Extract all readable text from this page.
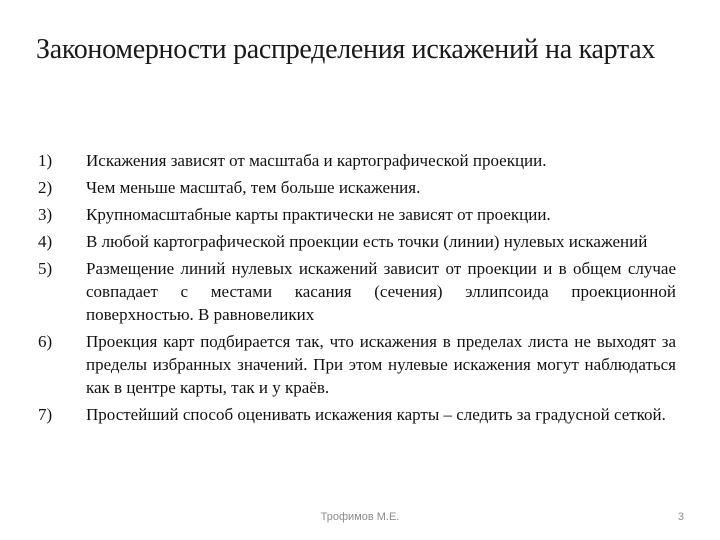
Закономерности распределения искажений на картах
1)	Искажения зависят от масштаба и картографической проекции.
2)	Чем меньше масштаб, тем больше искажения.
3)	Крупномасштабные карты практически не зависят от проекции.
4)	В любой картографической проекции есть точки (линии) нулевых искажений
5)	Размещение линий нулевых искажений зависит от проекции и в общем случае совпадает с местами касания (сечения) эллипсоида проекционной поверхностью. В равновеликих
6)	Проекция карт подбирается так, что искажения в пределах листа не выходят за пределы избранных значений. При этом нулевые искажения могут наблюдаться как в центре карты, так и у краёв.
7)	Простейший способ оценивать искажения карты – следить за градусной сеткой.
Трофимов М.Е.	3
